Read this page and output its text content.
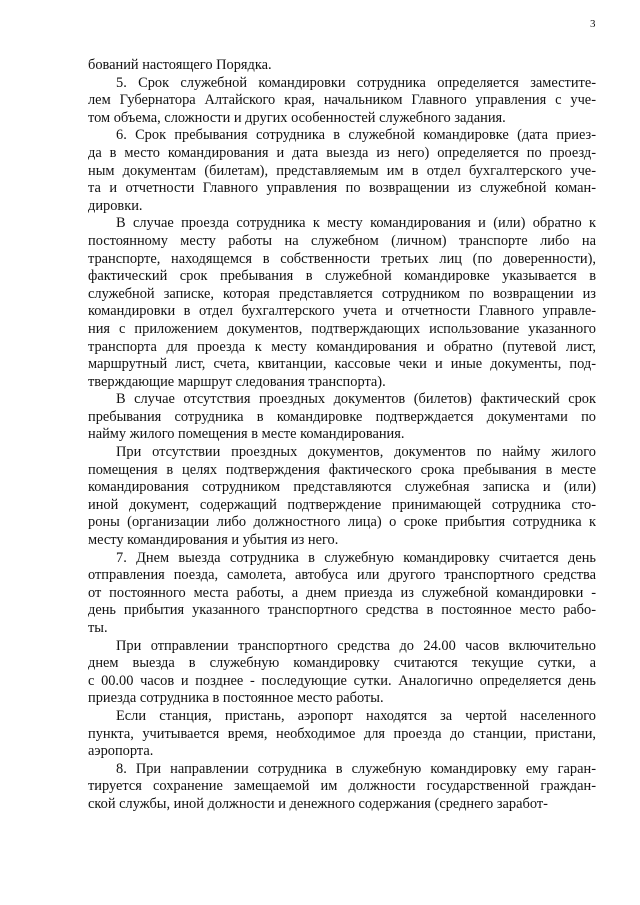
3
бований настоящего Порядка.
5. Срок служебной командировки сотрудника определяется заместите-
лем Губернатора Алтайского края, начальником Главного управления с уче-
том объема, сложности и других особенностей служебного задания.
6. Срок пребывания сотрудника в служебной командировке (дата приез-
да в место командирования и дата выезда из него) определяется по проезд-
ным документам (билетам), представляемым им в отдел бухгалтерского уче-
та и отчетности Главного управления по возвращении из служебной коман-
дировки.
В случае проезда сотрудника к месту командирования и (или) обратно к
постоянному месту работы на служебном (личном) транспорте либо на
транспорте, находящемся в собственности третьих лиц (по доверенности),
фактический срок пребывания в служебной командировке указывается в
служебной записке, которая представляется сотрудником по возвращении из
командировки в отдел бухгалтерского учета и отчетности Главного управле-
ния с приложением документов, подтверждающих использование указанного
транспорта для проезда к месту командирования и обратно (путевой лист,
маршрутный лист, счета, квитанции, кассовые чеки и иные документы, под-
тверждающие маршрут следования транспорта).
В случае отсутствия проездных документов (билетов) фактический срок
пребывания сотрудника в командировке подтверждается документами по
найму жилого помещения в месте командирования.
При отсутствии проездных документов, документов по найму жилого
помещения в целях подтверждения фактического срока пребывания в месте
командирования сотрудником представляются служебная записка и (или)
иной документ, содержащий подтверждение принимающей сотрудника сто-
роны (организации либо должностного лица) о сроке прибытия сотрудника к
месту командирования и убытия из него.
7. Днем выезда сотрудника в служебную командировку считается день
отправления поезда, самолета, автобуса или другого транспортного средства
от постоянного места работы, а днем приезда из служебной командировки -
день прибытия указанного транспортного средства в постоянное место рабо-
ты.
При отправлении транспортного средства до 24.00 часов включительно
днем выезда в служебную командировку считаются текущие сутки, а
с 00.00 часов и позднее - последующие сутки. Аналогично определяется день
приезда сотрудника в постоянное место работы.
Если станция, пристань, аэропорт находятся за чертой населенного
пункта, учитывается время, необходимое для проезда до станции, пристани,
аэропорта.
8. При направлении сотрудника в служебную командировку ему гаран-
тируется сохранение замещаемой им должности государственной граждан-
ской службы, иной должности и денежного содержания (среднего заработ-
